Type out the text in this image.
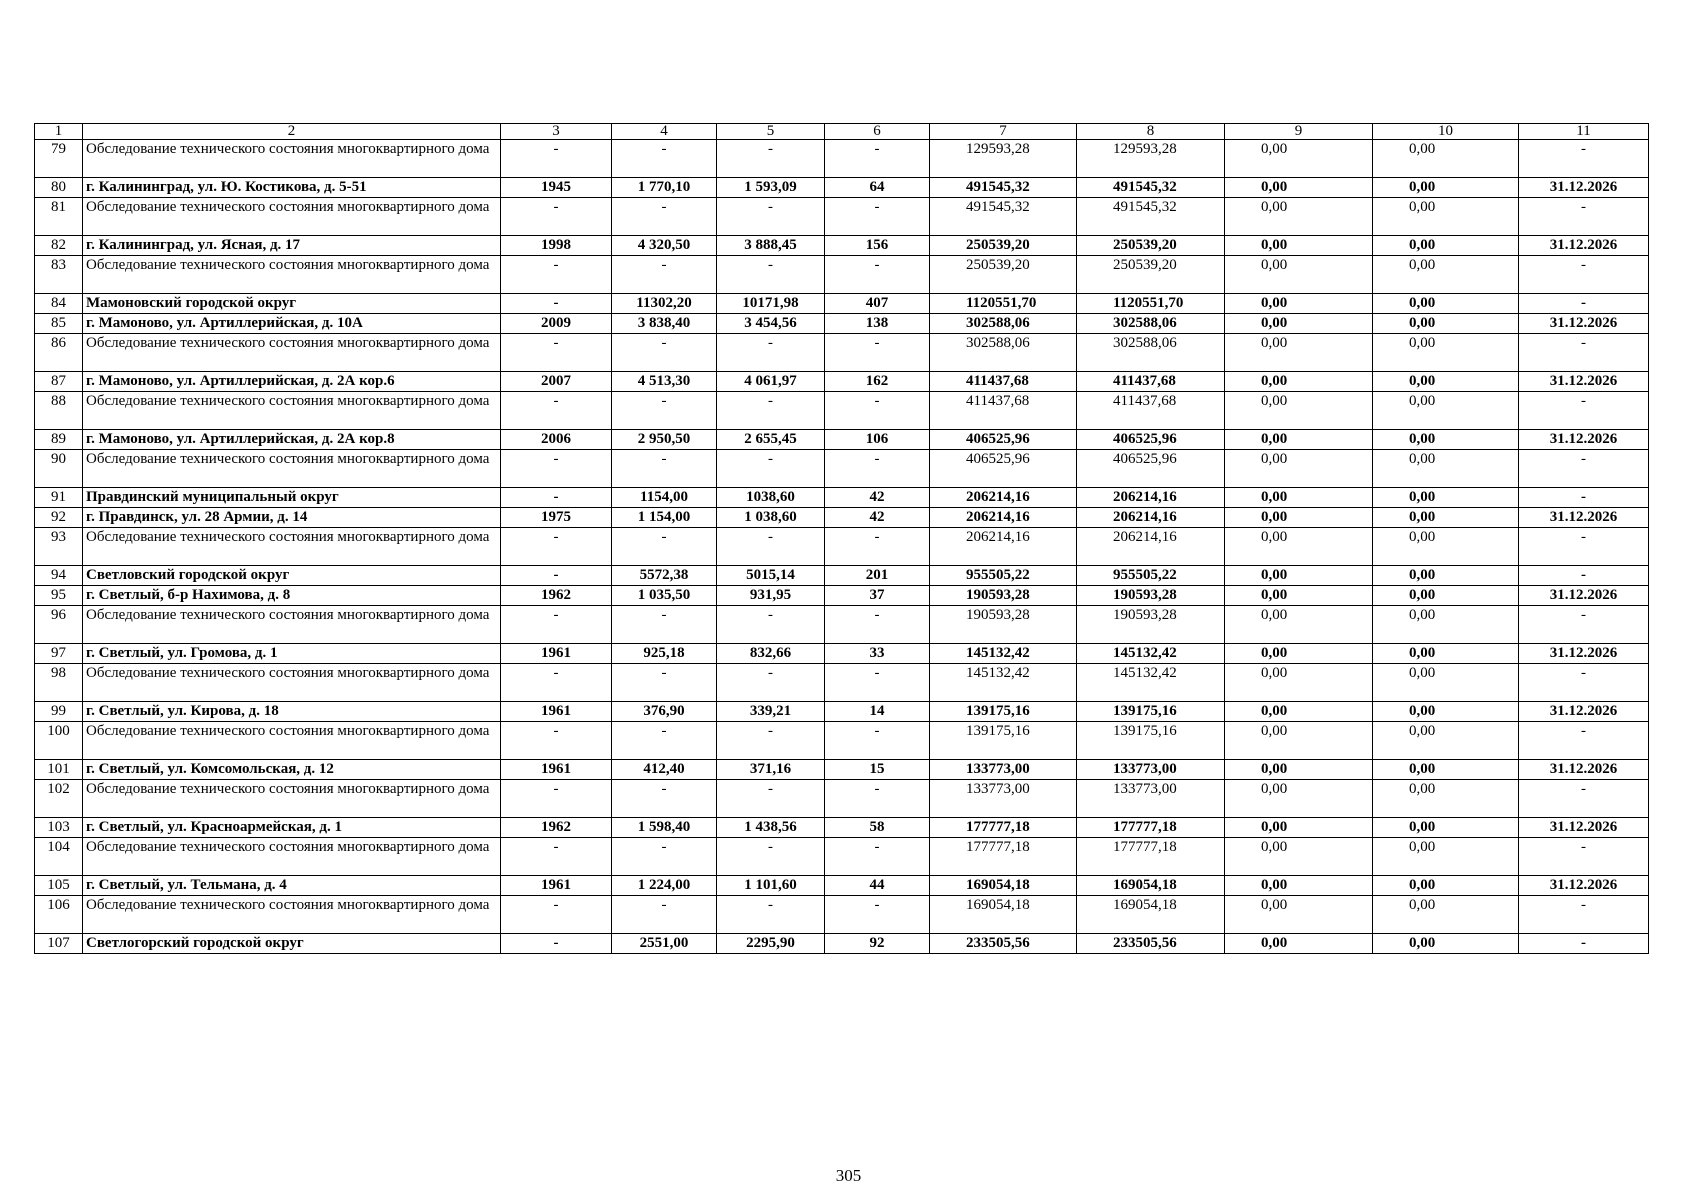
1	2	3	4	5	6	7	8	9	10	11
79	Обследование технического состояния многоквартирного дома	-	-	-	-	129593,28	129593,28	0,00	0,00	-
80	г. Калининград, ул. Ю. Костикова, д. 5-51	1945	1 770,10	1 593,09	64	491545,32	491545,32	0,00	0,00	31.12.2026
81	Обследование технического состояния многоквартирного дома	-	-	-	-	491545,32	491545,32	0,00	0,00	-
82	г. Калининград, ул. Ясная, д. 17	1998	4 320,50	3 888,45	156	250539,20	250539,20	0,00	0,00	31.12.2026
83	Обследование технического состояния многоквартирного дома	-	-	-	-	250539,20	250539,20	0,00	0,00	-
84	Мамоновский городской округ	-	11302,20	10171,98	407	1120551,70	1120551,70	0,00	0,00	-
85	г. Мамоново, ул. Артиллерийская, д. 10А	2009	3 838,40	3 454,56	138	302588,06	302588,06	0,00	0,00	31.12.2026
86	Обследование технического состояния многоквартирного дома	-	-	-	-	302588,06	302588,06	0,00	0,00	-
87	г. Мамоново, ул. Артиллерийская, д. 2А кор.6	2007	4 513,30	4 061,97	162	411437,68	411437,68	0,00	0,00	31.12.2026
88	Обследование технического состояния многоквартирного дома	-	-	-	-	411437,68	411437,68	0,00	0,00	-
89	г. Мамоново, ул. Артиллерийская, д. 2А кор.8	2006	2 950,50	2 655,45	106	406525,96	406525,96	0,00	0,00	31.12.2026
90	Обследование технического состояния многоквартирного дома	-	-	-	-	406525,96	406525,96	0,00	0,00	-
91	Правдинский муниципальный округ	-	1154,00	1038,60	42	206214,16	206214,16	0,00	0,00	-
92	г. Правдинск, ул. 28 Армии, д. 14	1975	1 154,00	1 038,60	42	206214,16	206214,16	0,00	0,00	31.12.2026
93	Обследование технического состояния многоквартирного дома	-	-	-	-	206214,16	206214,16	0,00	0,00	-
94	Светловский городской округ	-	5572,38	5015,14	201	955505,22	955505,22	0,00	0,00	-
95	г. Светлый, б-р Нахимова, д. 8	1962	1 035,50	931,95	37	190593,28	190593,28	0,00	0,00	31.12.2026
96	Обследование технического состояния многоквартирного дома	-	-	-	-	190593,28	190593,28	0,00	0,00	-
97	г. Светлый, ул. Громова, д. 1	1961	925,18	832,66	33	145132,42	145132,42	0,00	0,00	31.12.2026
98	Обследование технического состояния многоквартирного дома	-	-	-	-	145132,42	145132,42	0,00	0,00	-
99	г. Светлый, ул. Кирова, д. 18	1961	376,90	339,21	14	139175,16	139175,16	0,00	0,00	31.12.2026
100	Обследование технического состояния многоквартирного дома	-	-	-	-	139175,16	139175,16	0,00	0,00	-
101	г. Светлый, ул. Комсомольская, д. 12	1961	412,40	371,16	15	133773,00	133773,00	0,00	0,00	31.12.2026
102	Обследование технического состояния многоквартирного дома	-	-	-	-	133773,00	133773,00	0,00	0,00	-
103	г. Светлый, ул. Красноармейская, д. 1	1962	1 598,40	1 438,56	58	177777,18	177777,18	0,00	0,00	31.12.2026
104	Обследование технического состояния многоквартирного дома	-	-	-	-	177777,18	177777,18	0,00	0,00	-
105	г. Светлый, ул. Тельмана, д. 4	1961	1 224,00	1 101,60	44	169054,18	169054,18	0,00	0,00	31.12.2026
106	Обследование технического состояния многоквартирного дома	-	-	-	-	169054,18	169054,18	0,00	0,00	-
107	Светлогорский городской округ	-	2551,00	2295,90	92	233505,56	233505,56	0,00	0,00	-
305
